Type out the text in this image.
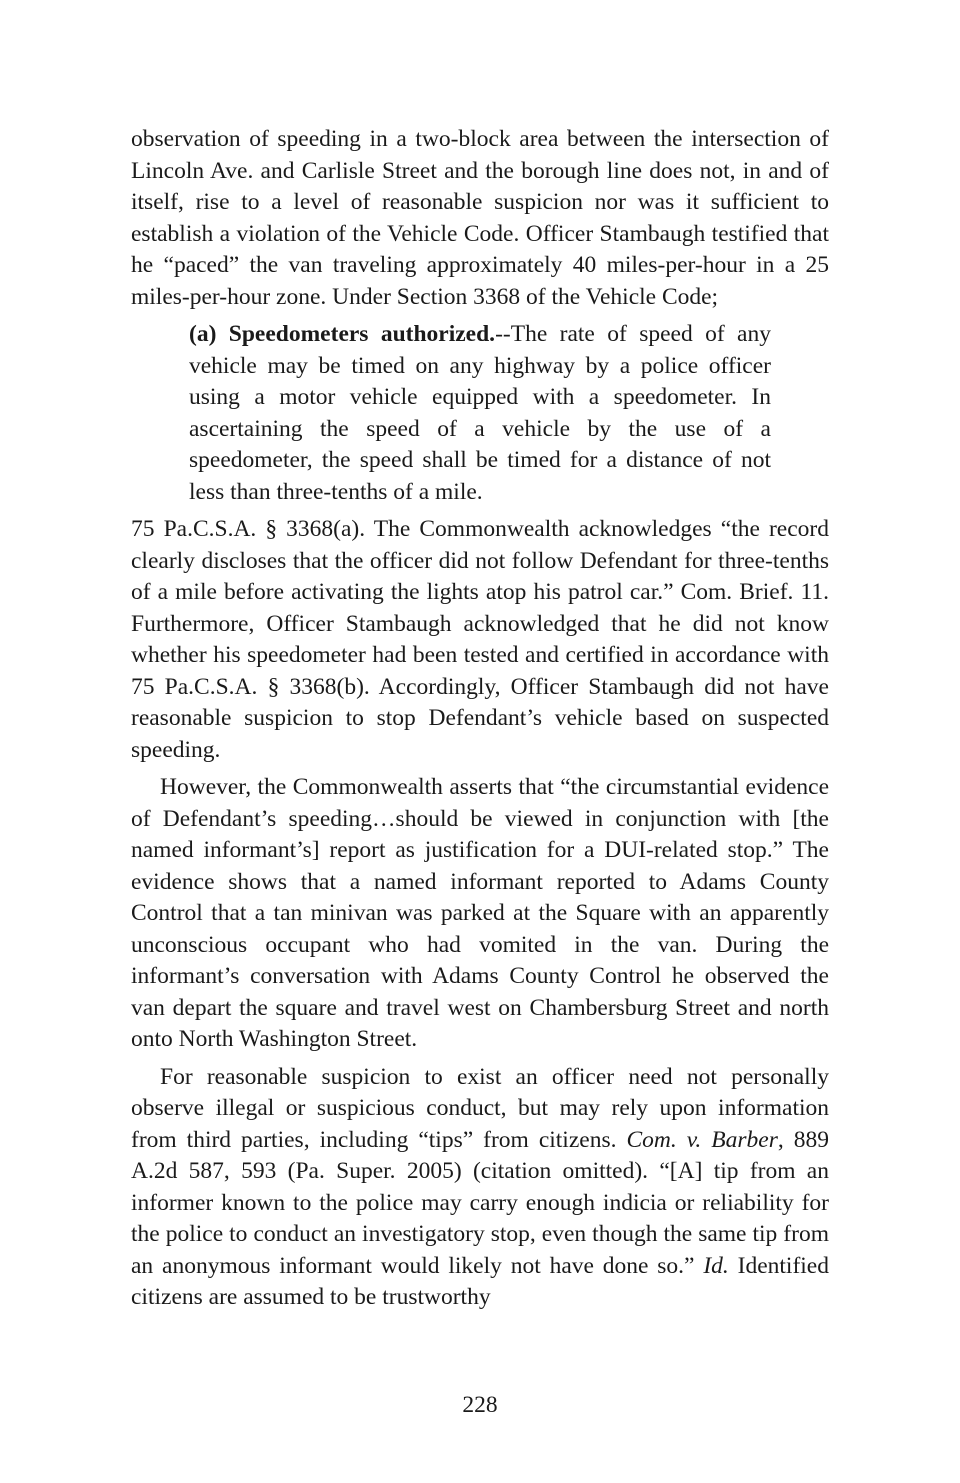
observation of speeding in a two-block area between the intersection of Lincoln Ave. and Carlisle Street and the borough line does not, in and of itself, rise to a level of reasonable suspicion nor was it sufficient to establish a violation of the Vehicle Code. Officer Stambaugh testified that he “paced” the van traveling approximately 40 miles-per-hour in a 25 miles-per-hour zone. Under Section 3368 of the Vehicle Code;

(a) Speedometers authorized.--The rate of speed of any vehicle may be timed on any highway by a police officer using a motor vehicle equipped with a speedometer. In ascertaining the speed of a vehicle by the use of a speedometer, the speed shall be timed for a distance of not less than three-tenths of a mile.

75 Pa.C.S.A. § 3368(a). The Commonwealth acknowledges “the record clearly discloses that the officer did not follow Defendant for three-tenths of a mile before activating the lights atop his patrol car.” Com. Brief. 11. Furthermore, Officer Stambaugh acknowledged that he did not know whether his speedometer had been tested and certified in accordance with 75 Pa.C.S.A. § 3368(b). Accordingly, Officer Stambaugh did not have reasonable suspicion to stop Defendant’s vehicle based on suspected speeding.

However, the Commonwealth asserts that “the circumstantial evidence of Defendant’s speeding…should be viewed in conjunction with [the named informant’s] report as justification for a DUI-related stop.” The evidence shows that a named informant reported to Adams County Control that a tan minivan was parked at the Square with an apparently unconscious occupant who had vomited in the van. During the informant’s conversation with Adams County Control he observed the van depart the square and travel west on Chambersburg Street and north onto North Washington Street.

For reasonable suspicion to exist an officer need not personally observe illegal or suspicious conduct, but may rely upon information from third parties, including “tips” from citizens. Com. v. Barber, 889 A.2d 587, 593 (Pa. Super. 2005) (citation omitted). “[A] tip from an informer known to the police may carry enough indicia or reliability for the police to conduct an investigatory stop, even though the same tip from an anonymous informant would likely not have done so.” Id. Identified citizens are assumed to be trustworthy

228
